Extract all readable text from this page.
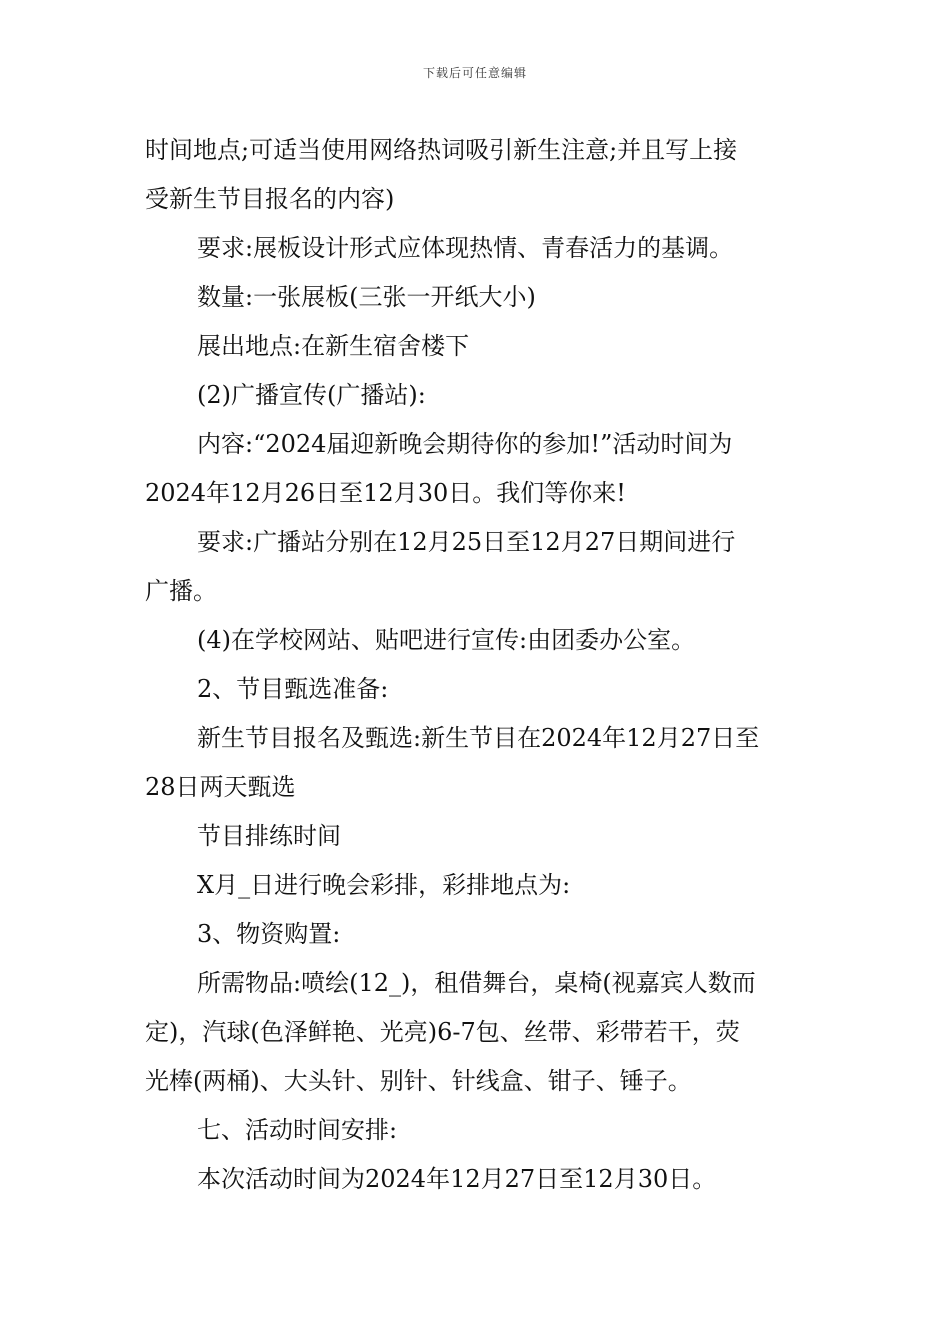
下载后可任意编辑

时间地点;可适当使用网络热词吸引新生注意;并且写上接

受新生节目报名的内容)

要求:展板设计形式应体现热情、青春活力的基调。

数量:一张展板(三张一开纸大小)

展出地点:在新生宿舍楼下

(2)广播宣传(广播站):

内容:“2024届迎新晚会期待你的参加!”活动时间为

2024年12月26日至12月30日。我们等你来!

要求:广播站分别在12月25日至12月27日期间进行

广播。

(4)在学校网站、贴吧进行宣传:由团委办公室。

2、节目甄选准备:

新生节目报名及甄选:新生节目在2024年12月27日至

28日两天甄选

节目排练时间

X月_日进行晚会彩排，彩排地点为:

3、物资购置:

所需物品:喷绘(12_)，租借舞台，桌椅(视嘉宾人数而

定)，汽球(色泽鲜艳、光亮)6-7包、丝带、彩带若干，荧

光棒(两桶)、大头针、别针、针线盒、钳子、锤子。

七、活动时间安排:

本次活动时间为2024年12月27日至12月30日。
